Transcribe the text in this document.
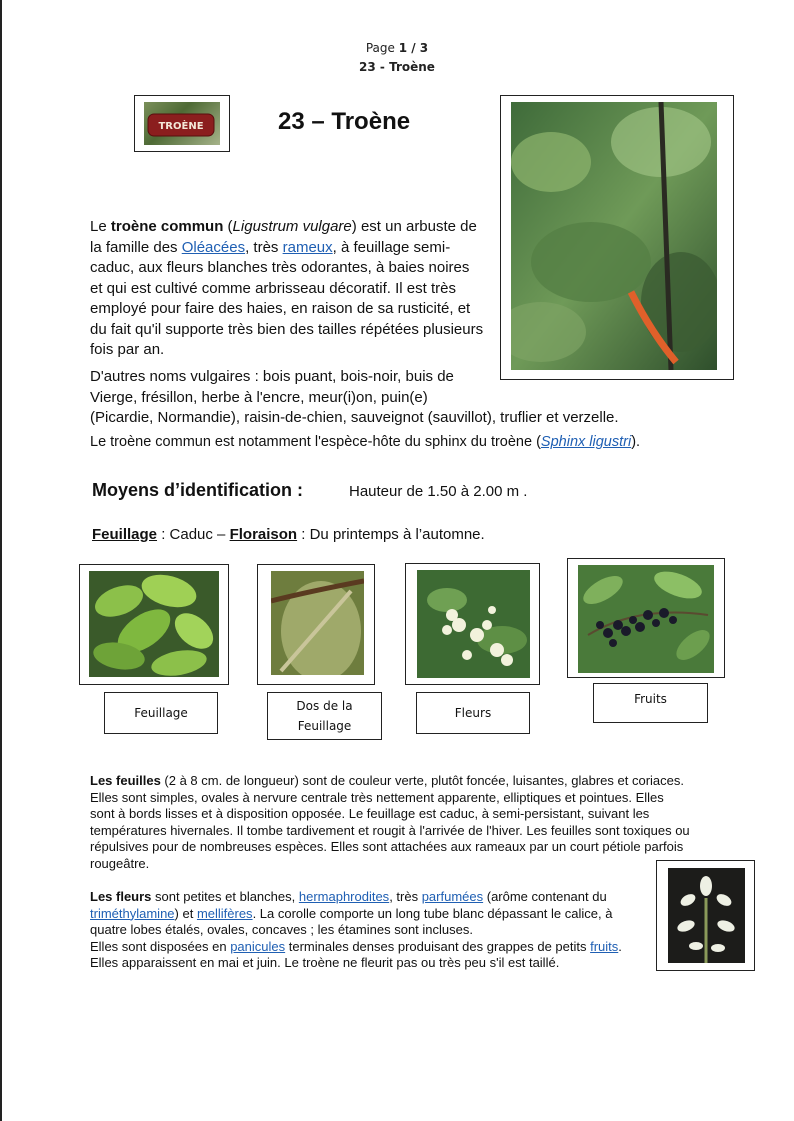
Page 1 / 3
23 - Troène
TROÈNE	23 – Troène
Le troène commun (Ligustrum vulgare) est un arbuste de la famille des Oléacées, très rameux, à feuillage semi-caduc, aux fleurs blanches très odorantes, à baies noires et qui est cultivé comme arbrisseau décoratif. Il est très employé pour faire des haies, en raison de sa rusticité, et du fait qu'il supporte très bien des tailles répétées plusieurs fois par an.
D'autres noms vulgaires : bois puant, bois-noir, buis de
Vierge, frésillon, herbe à l'encre, meur(i)on, puin(e)
(Picardie, Normandie), raisin-de-chien, sauveignot (sauvillot), truflier et verzelle.
Le troène commun est notamment l'espèce-hôte du sphinx du troène (Sphinx ligustri).
Moyens d’identification :	Hauteur de 1.50 à 2.00 m .
Feuillage : Caduc – Floraison : Du printemps à l’automne.
Feuillage	Dos de la
Feuillage
Fleurs
Fruits
Les feuilles (2 à 8 cm. de longueur) sont de couleur verte, plutôt foncée, luisantes, glabres et coriaces. Elles sont simples, ovales à nervure centrale très nettement apparente, elliptiques et pointues. Elles sont à bords lisses et à disposition opposée. Le feuillage est caduc, à semi-persistant, suivant les températures hivernales. Il tombe tardivement et rougit à l'arrivée de l'hiver. Les feuilles sont toxiques ou répulsives pour de nombreuses espèces. Elles sont attachées aux rameaux par un court pétiole parfois rougeâtre.
Les fleurs sont petites et blanches, hermaphrodites, très parfumées (arôme contenant du triméthylamine) et mellifères. La corolle comporte un long tube blanc dépassant le calice, à quatre lobes étalés, ovales, concaves ; les étamines sont incluses.
Elles sont disposées en panicules terminales denses produisant des grappes de petits fruits. Elles apparaissent en mai et juin. Le troène ne fleurit pas ou très peu s'il est taillé.
